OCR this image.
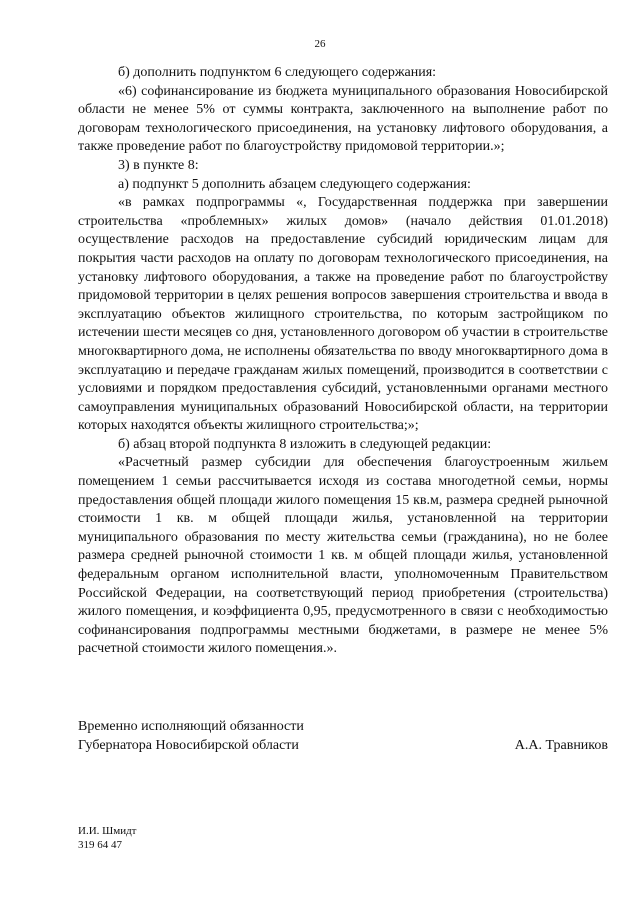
26

б) дополнить подпунктом 6 следующего содержания:

«6) софинансирование из бюджета муниципального образования Новосибирской области не менее 5% от суммы контракта, заключенного на выполнение работ по договорам технологического присоединения, на установку лифтового оборудования, а также проведение работ по благоустройству придомовой территории.»;

3) в пункте 8:

а) подпункт 5 дополнить абзацем следующего содержания:

«в рамках подпрограммы «, Государственная поддержка при завершении строительства «проблемных» жилых домов» (начало действия 01.01.2018) осуществление расходов на предоставление субсидий юридическим лицам для покрытия части расходов на оплату по договорам технологического присоединения, на установку лифтового оборудования, а также на проведение работ по благоустройству придомовой территории в целях решения вопросов завершения строительства и ввода в эксплуатацию объектов жилищного строительства, по которым застройщиком по истечении шести месяцев со дня, установленного договором об участии в строительстве многоквартирного дома, не исполнены обязательства по вводу многоквартирного дома в эксплуатацию и передаче гражданам жилых помещений, производится в соответствии с условиями и порядком предоставления субсидий, установленными органами местного самоуправления муниципальных образований Новосибирской области, на территории которых находятся объекты жилищного строительства;»;

б) абзац второй подпункта 8 изложить в следующей редакции:

«Расчетный размер субсидии для обеспечения благоустроенным жильем помещением 1 семьи рассчитывается исходя из состава многодетной семьи, нормы предоставления общей площади жилого помещения 15 кв.м, размера средней рыночной стоимости 1 кв. м общей площади жилья, установленной на территории муниципального образования по месту жительства семьи (гражданина), но не более размера средней рыночной стоимости 1 кв. м общей площади жилья, установленной федеральным органом исполнительной власти, уполномоченным Правительством Российской Федерации, на соответствующий период приобретения (строительства) жилого помещения, и коэффициента 0,95, предусмотренного в связи с необходимостью софинансирования подпрограммы местными бюджетами, в размере не менее 5% расчетной стоимости жилого помещения.».

Временно исполняющий обязанности
Губернатора Новосибирской области	А.А. Травников
И.И. Шмидт
319 64 47
